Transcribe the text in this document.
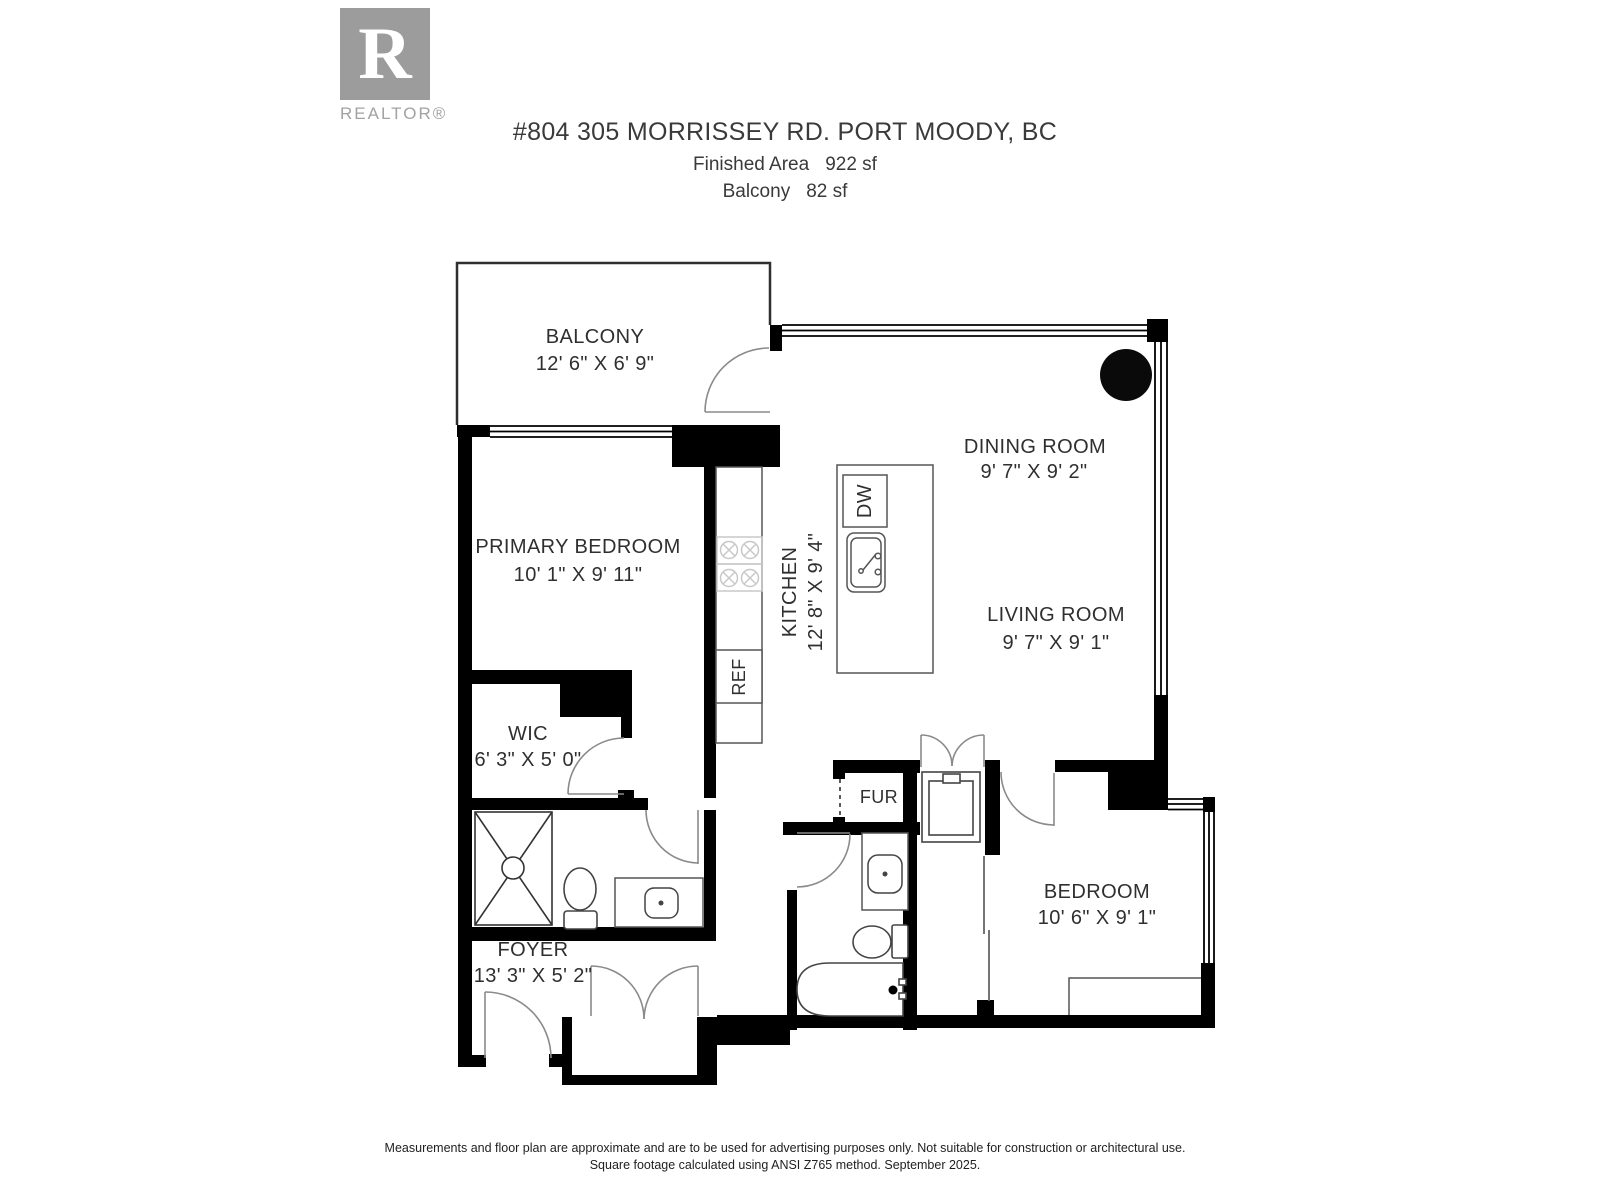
R
REALTOR®
#804 305 MORRISSEY RD. PORT MOODY, BC
Finished Area 922 sf
Balcony 82 sf
BALCONY
12' 6" X 6' 9"
PRIMARY BEDROOM
10' 1" X 9' 11"
WIC
6' 3" X 5' 0"
KITCHEN 12' 8" X 9' 4"
DINING ROOM
9' 7" X 9' 2"
LIVING ROOM
9' 7" X 9' 1"
BEDROOM
10' 6" X 9' 1"
FOYER
13' 3" X 5' 2"
FUR
DW
REF
Measurements and floor plan are approximate and are to be used for advertising purposes only. Not suitable for construction or architectural use.
Square footage calculated using ANSI Z765 method. September 2025.
